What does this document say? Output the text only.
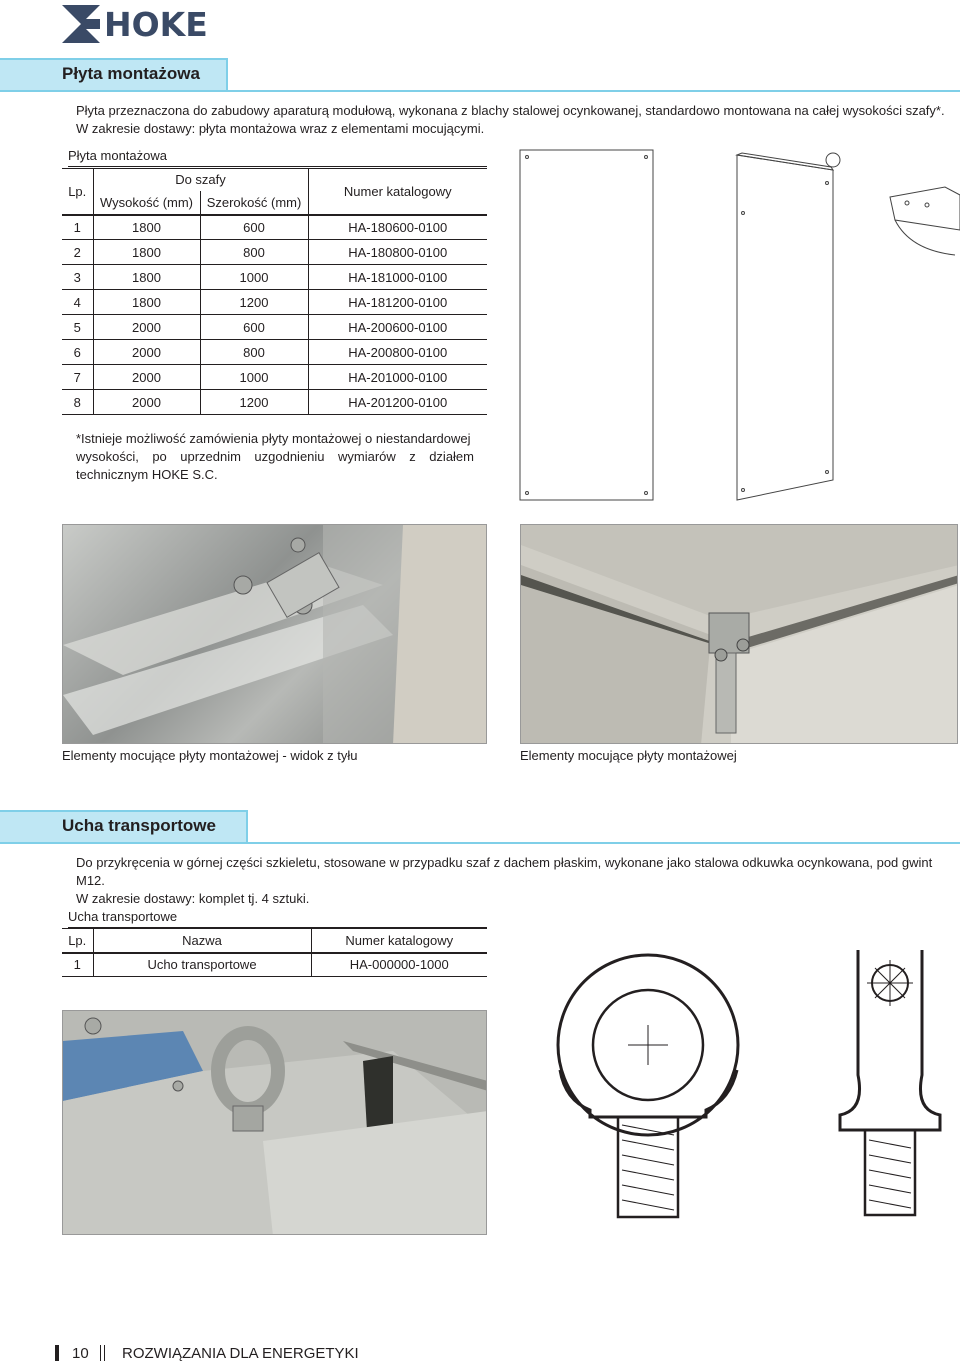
HOKE
Płyta montażowa
Płyta przeznaczona do zabudowy aparaturą modułową, wykonana z blachy stalowej ocynkowanej, standardowo montowana na całej wysokości szafy*.
W zakresie dostawy: płyta montażowa wraz z elementami mocującymi.
Płyta montażowa
Lp.	Do szafy		Numer katalogowy
	Wysokość (mm)	Szerokość (mm)	
1	1800	600	HA-180600-0100
2	1800	800	HA-180800-0100
3	1800	1000	HA-181000-0100
4	1800	1200	HA-181200-0100
5	2000	600	HA-200600-0100
6	2000	800	HA-200800-0100
7	2000	1000	HA-201000-0100
8	2000	1200	HA-201200-0100
*Istnieje możliwość zamówienia płyty montażowej o niestandardowej
wysokości, po uprzednim uzgodnieniu wymiarów z działem
technicznym HOKE S.C.
Elementy mocujące płyty montażowej - widok z tyłu	Elementy mocujące płyty montażowej
Ucha transportowe
Do przykręcenia w górnej części szkieletu, stosowane w przypadku szaf z dachem płaskim, wykonane jako stalowa odkuwka ocynkowana, pod gwint M12.
W zakresie dostawy: komplet tj. 4 sztuki.
Ucha transportowe
Lp.	Nazwa	Numer katalogowy
1	Ucho transportowe	HA-000000-1000
10 ROZWIĄZANIA DLA ENERGETYKI
